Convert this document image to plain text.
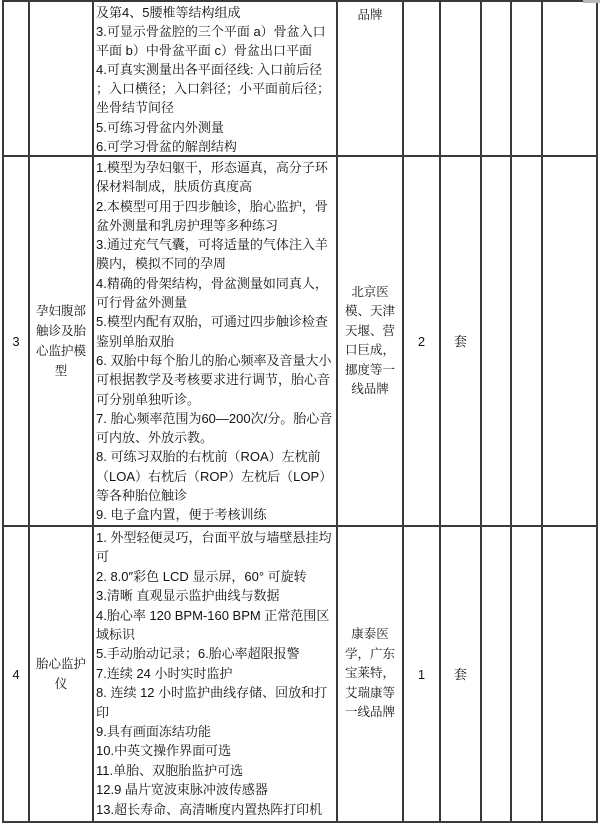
及第4、5腰椎等结构组成
3.可显示骨盆腔的三个平面 a）骨盆入口平面 b）中骨盆平面 c）骨盆出口平面
4.可真实测量出各平面径线: 入口前后径 ；入口横径；入口斜径；小平面前后径；坐骨结节间径
5.可练习骨盆内外测量
6.可学习骨盆的解剖结构
品牌
3
孕妇腹部触诊及胎心监护模型
1.模型为孕妇躯干，形态逼真，高分子环保材料制成，肤质仿真度高
2.本模型可用于四步触诊，胎心监护，骨盆外测量和乳房护理等多种练习
3.通过充气气囊，可将适量的气体注入羊膜内，模拟不同的孕周
4.精确的骨架结构，骨盆测量如同真人，可行骨盆外测量
5.模型内配有双胎，可通过四步触诊检查鉴别单胎双胎
6. 双胎中每个胎儿的胎心频率及音量大小可根据教学及考核要求进行调节，胎心音可分别单独听诊。
7. 胎心频率范围为60—200次/分。胎心音可内放、外放示教。
8. 可练习双胎的右枕前（ROA）左枕前（LOA）右枕后（ROP）左枕后（LOP）等各种胎位触诊
9. 电子盒内置，便于考核训练

北京医模、天津天堰、营口巨成，挪度等一线品牌
2	套
4
胎心监护仪
1. 外型轻便灵巧，台面平放与墙壁悬挂均可
2. 8.0″彩色 LCD 显示屏，60° 可旋转
3.清晰 直观显示监护曲线与数据
4.胎心率 120 BPM-160 BPM 正常范围区域标识
5.手动胎动记录；6.胎心率超限报警
7.连续 24 小时实时监护
8. 连续 12 小时监护曲线存储、回放和打印
9.具有画面冻结功能
10.中英文操作界面可选
11.单胎、双胞胎监护可选
12.9 晶片宽波束脉冲波传感器
13.超长寿命、高清晰度内置热阵打印机

康泰医学，广东宝莱特，艾瑞康等一线品牌
1	套
